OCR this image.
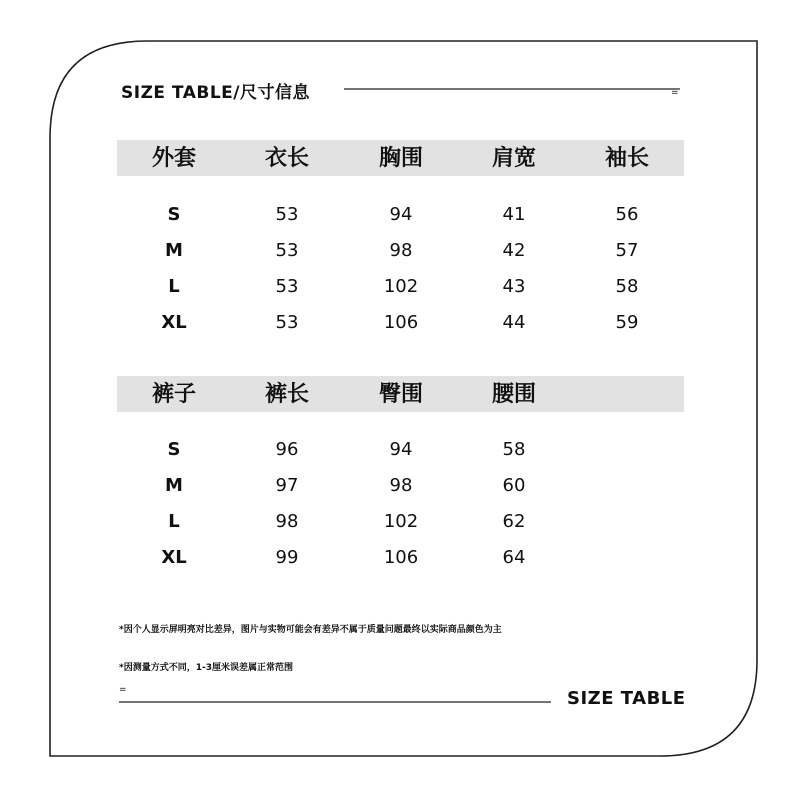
SIZE TABLE/尺寸信息	=
外套	衣长	胸围	肩宽	袖长
S	53	94	41	56
M	53	98	42	57
L	53	102	43	58
XL	53	106	44	59
裤子	裤长	臀围	腰围
S	96	94	58
M	97	98	60
L	98	102	62
XL	99	106	64
*因个人显示屏明亮对比差异，图片与实物可能会有差异不属于质量问题最终以实际商品颜色为主
*因测量方式不同，1-3厘米误差属正常范围
=	SIZE TABLE
